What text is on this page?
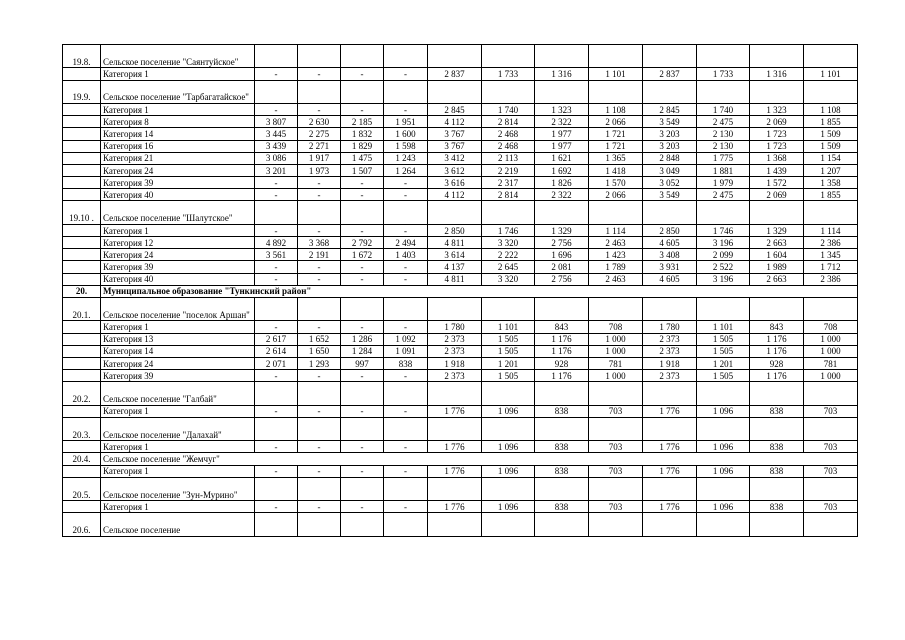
19.8.	Сельское поселение "Саянтуйское"												
	Категория 1	-	-	-	-	2 837	1 733	1 316	1 101	2 837	1 733	1 316	1 101
19.9.	Сельское поселение "Тарбагатайское"												
	Категория 1	-	-	-	-	2 845	1 740	1 323	1 108	2 845	1 740	1 323	1 108
	Категория 8	3 807	2 630	2 185	1 951	4 112	2 814	2 322	2 066	3 549	2 475	2 069	1 855
	Категория 14	3 445	2 275	1 832	1 600	3 767	2 468	1 977	1 721	3 203	2 130	1 723	1 509
	Категория 16	3 439	2 271	1 829	1 598	3 767	2 468	1 977	1 721	3 203	2 130	1 723	1 509
	Категория 21	3 086	1 917	1 475	1 243	3 412	2 113	1 621	1 365	2 848	1 775	1 368	1 154
	Категория 24	3 201	1 973	1 507	1 264	3 612	2 219	1 692	1 418	3 049	1 881	1 439	1 207
	Категория 39	-	-	-	-	3 616	2 317	1 826	1 570	3 052	1 979	1 572	1 358
	Категория 40	-	-	-	-	4 112	2 814	2 322	2 066	3 549	2 475	2 069	1 855
19.10 .	Сельское поселение "Шалутское"												
	Категория 1	-	-	-	-	2 850	1 746	1 329	1 114	2 850	1 746	1 329	1 114
	Категория 12	4 892	3 368	2 792	2 494	4 811	3 320	2 756	2 463	4 605	3 196	2 663	2 386
	Категория 24	3 561	2 191	1 672	1 403	3 614	2 222	1 696	1 423	3 408	2 099	1 604	1 345
	Категория 39	-	-	-	-	4 137	2 645	2 081	1 789	3 931	2 522	1 989	1 712
	Категория 40	-	-	-	-	4 811	3 320	2 756	2 463	4 605	3 196	2 663	2 386
20.	Муниципальное образование "Тункинский район"												
20.1.	Сельское поселение "поселок Аршан"												
	Категория 1	-	-	-	-	1 780	1 101	843	708	1 780	1 101	843	708
	Категория 13	2 617	1 652	1 286	1 092	2 373	1 505	1 176	1 000	2 373	1 505	1 176	1 000
	Категория 14	2 614	1 650	1 284	1 091	2 373	1 505	1 176	1 000	2 373	1 505	1 176	1 000
	Категория 24	2 071	1 293	997	838	1 918	1 201	928	781	1 918	1 201	928	781
	Категория 39	-	-	-	-	2 373	1 505	1 176	1 000	2 373	1 505	1 176	1 000
20.2.	Сельское поселение "Галбай"												
	Категория 1	-	-	-	-	1 776	1 096	838	703	1 776	1 096	838	703
20.3.	Сельское поселение "Далахай"												
	Категория 1	-	-	-	-	1 776	1 096	838	703	1 776	1 096	838	703
20.4.	Сельское поселение "Жемчуг"												
	Категория 1	-	-	-	-	1 776	1 096	838	703	1 776	1 096	838	703
20.5.	Сельское поселение "Зун-Мурино"												
	Категория 1	-	-	-	-	1 776	1 096	838	703	1 776	1 096	838	703
20.6.	Сельское поселение												
